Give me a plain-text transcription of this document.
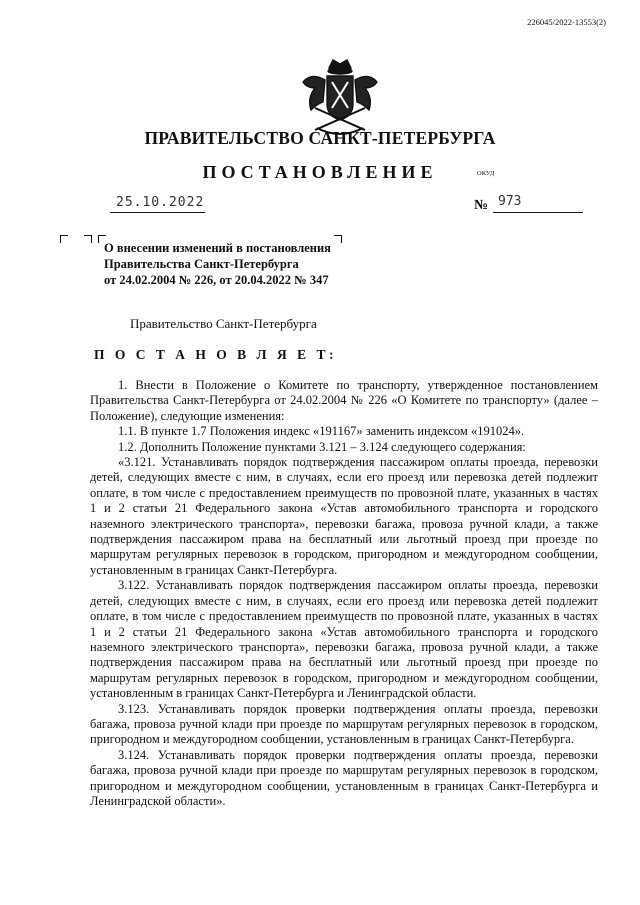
226045/2022-13553(2)
ПРАВИТЕЛЬСТВО САНКТ-ПЕТЕРБУРГА
ПОСТАНОВЛЕНИЕ	ОКУД
25.10.2022	№ 973
О внесении изменений в постановления
Правительства Санкт-Петербурга
от 24.02.2004 № 226, от 20.04.2022 № 347
Правительство Санкт-Петербурга
П О С Т А Н О В Л Я Е Т:

1. Внести в Положение о Комитете по транспорту, утвержденное постановлением Правительства Санкт-Петербурга от 24.02.2004 № 226 «О Комитете по транспорту» (далее – Положение), следующие изменения:

1.1. В пункте 1.7 Положения индекс «191167» заменить индексом «191024».

1.2. Дополнить Положение пунктами 3.121 – 3.124 следующего содержания:

«3.121. Устанавливать порядок подтверждения пассажиром оплаты проезда, перевозки детей, следующих вместе с ним, в случаях, если его проезд или перевозка детей подлежит оплате, в том числе с предоставлением преимуществ по провозной плате, указанных в частях 1 и 2 статьи 21 Федерального закона «Устав автомобильного транспорта и городского наземного электрического транспорта», перевозки багажа, провоза ручной клади, а также подтверждения пассажиром права на бесплатный или льготный проезд при проезде по маршрутам регулярных перевозок в городском, пригородном и междугородном сообщении, установленным в границах Санкт-Петербурга.

3.122. Устанавливать порядок подтверждения пассажиром оплаты проезда, перевозки детей, следующих вместе с ним, в случаях, если его проезд или перевозка детей подлежит оплате, в том числе с предоставлением преимуществ по провозной плате, указанных в частях 1 и 2 статьи 21 Федерального закона «Устав автомобильного транспорта и городского наземного электрического транспорта», перевозки багажа, провоза ручной клади, а также подтверждения пассажиром права на бесплатный или льготный проезд при проезде по маршрутам регулярных перевозок в городском, пригородном и междугородном сообщении, установленным в границах Санкт-Петербурга и Ленинградской области.

3.123. Устанавливать порядок проверки подтверждения оплаты проезда, перевозки багажа, провоза ручной клади при проезде по маршрутам регулярных перевозок в городском, пригородном и междугородном сообщении, установленным в границах Санкт-Петербурга.

3.124. Устанавливать порядок проверки подтверждения оплаты проезда, перевозки багажа, провоза ручной клади при проезде по маршрутам регулярных перевозок в городском, пригородном и междугородном сообщении, установленным в границах Санкт-Петербурга и Ленинградской области».
